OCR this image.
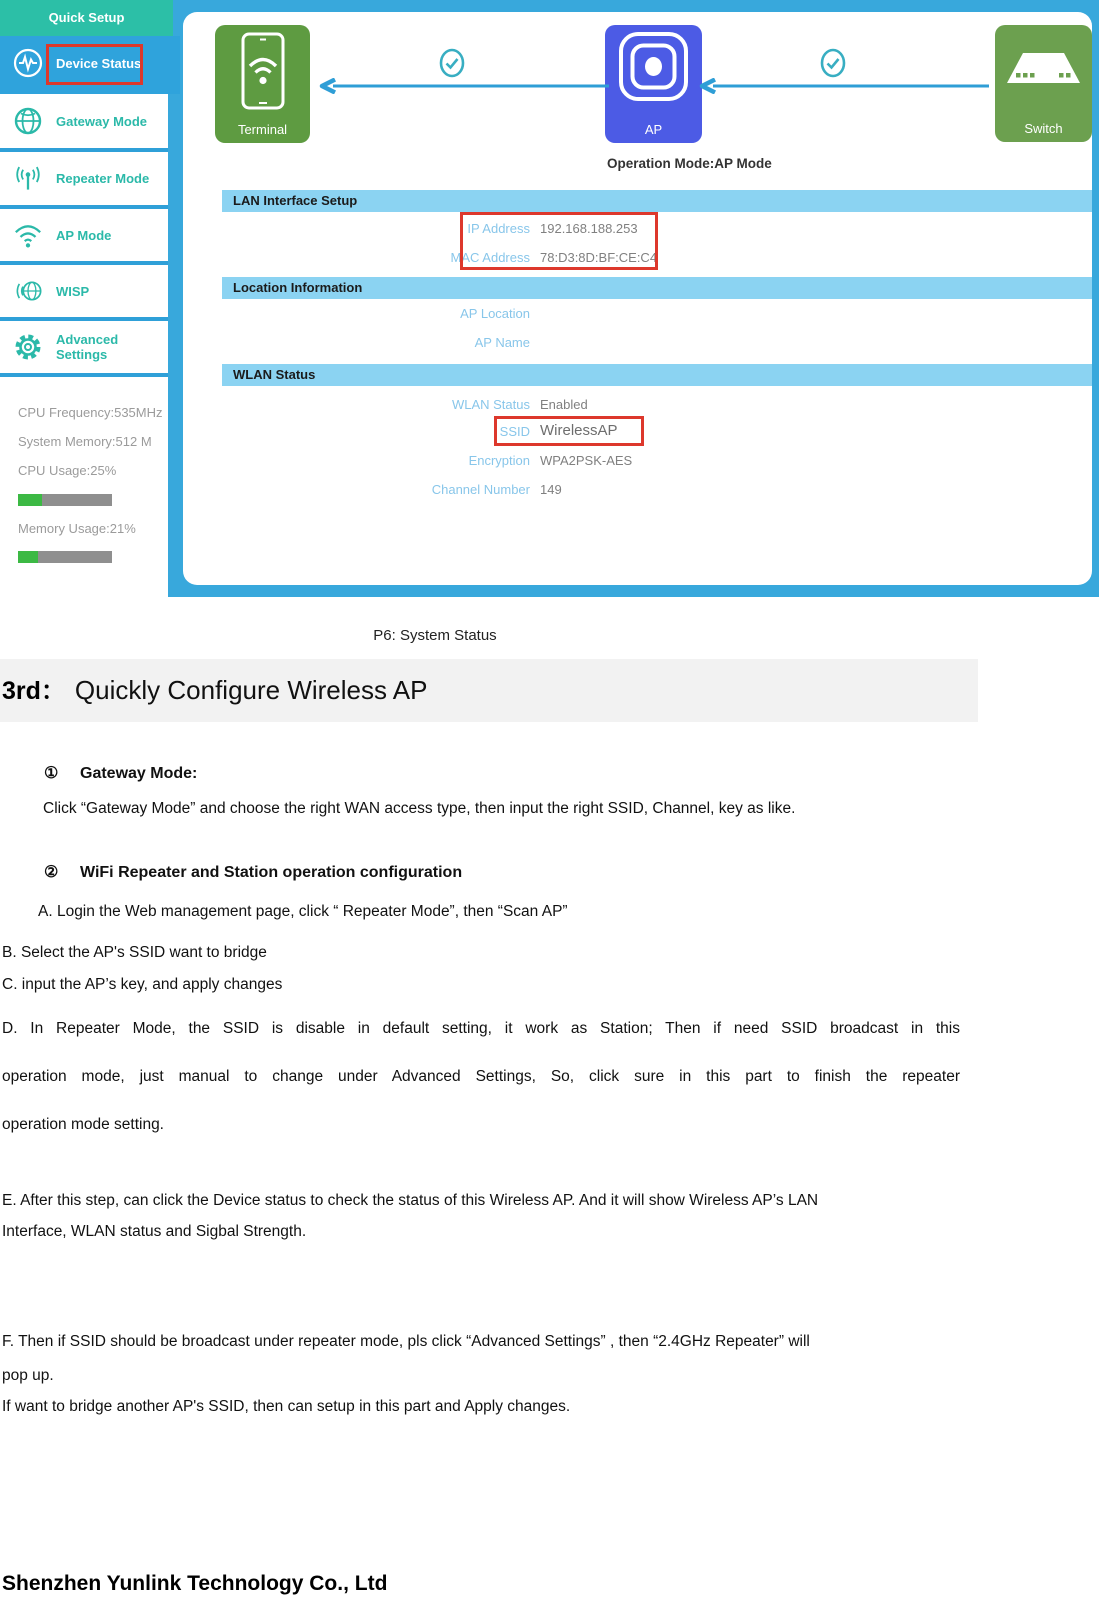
Terminal	AP	Switch
Operation Mode:AP Mode
LAN Interface Setup
IP Address 192.168.188.253
MAC Address 78:D3:8D:BF:CE:C4
Location Information
AP Location
AP Name
WLAN Status
WLAN Status Enabled
SSID WirelessAP
Encryption WPA2PSK-AES
Channel Number 149
Quick Setup
Device Status
Gateway Mode
Repeater Mode
AP Mode
WISP
Advanced Settings
CPU Frequency:535MHz
System Memory:512 M
CPU Usage:25%
Memory Usage:21%
P6: System Status
3rd： Quickly Configure Wireless AP
① Gateway Mode:
Click “Gateway Mode” and choose the right WAN access type, then input the right SSID, Channel, key as like.
② WiFi Repeater and Station operation configuration
A. Login the Web management page, click “ Repeater Mode”, then “Scan AP”
B. Select the AP's SSID want to bridge
C. input the AP’s key, and apply changes
D. In Repeater Mode, the SSID is disable in default setting, it work as Station; Then if need SSID broadcast in this
operation mode, just manual to change under Advanced Settings, So, click sure in this part to finish the repeater
operation mode setting.
E. After this step, can click the Device status to check the status of this Wireless AP. And it will show Wireless AP’s LAN
Interface, WLAN status and Sigbal Strength.
F. Then if SSID should be broadcast under repeater mode, pls click “Advanced Settings” , then “2.4GHz Repeater” will
pop up.
If want to bridge another AP's SSID, then can setup in this part and Apply changes.
Shenzhen Yunlink Technology Co., Ltd
